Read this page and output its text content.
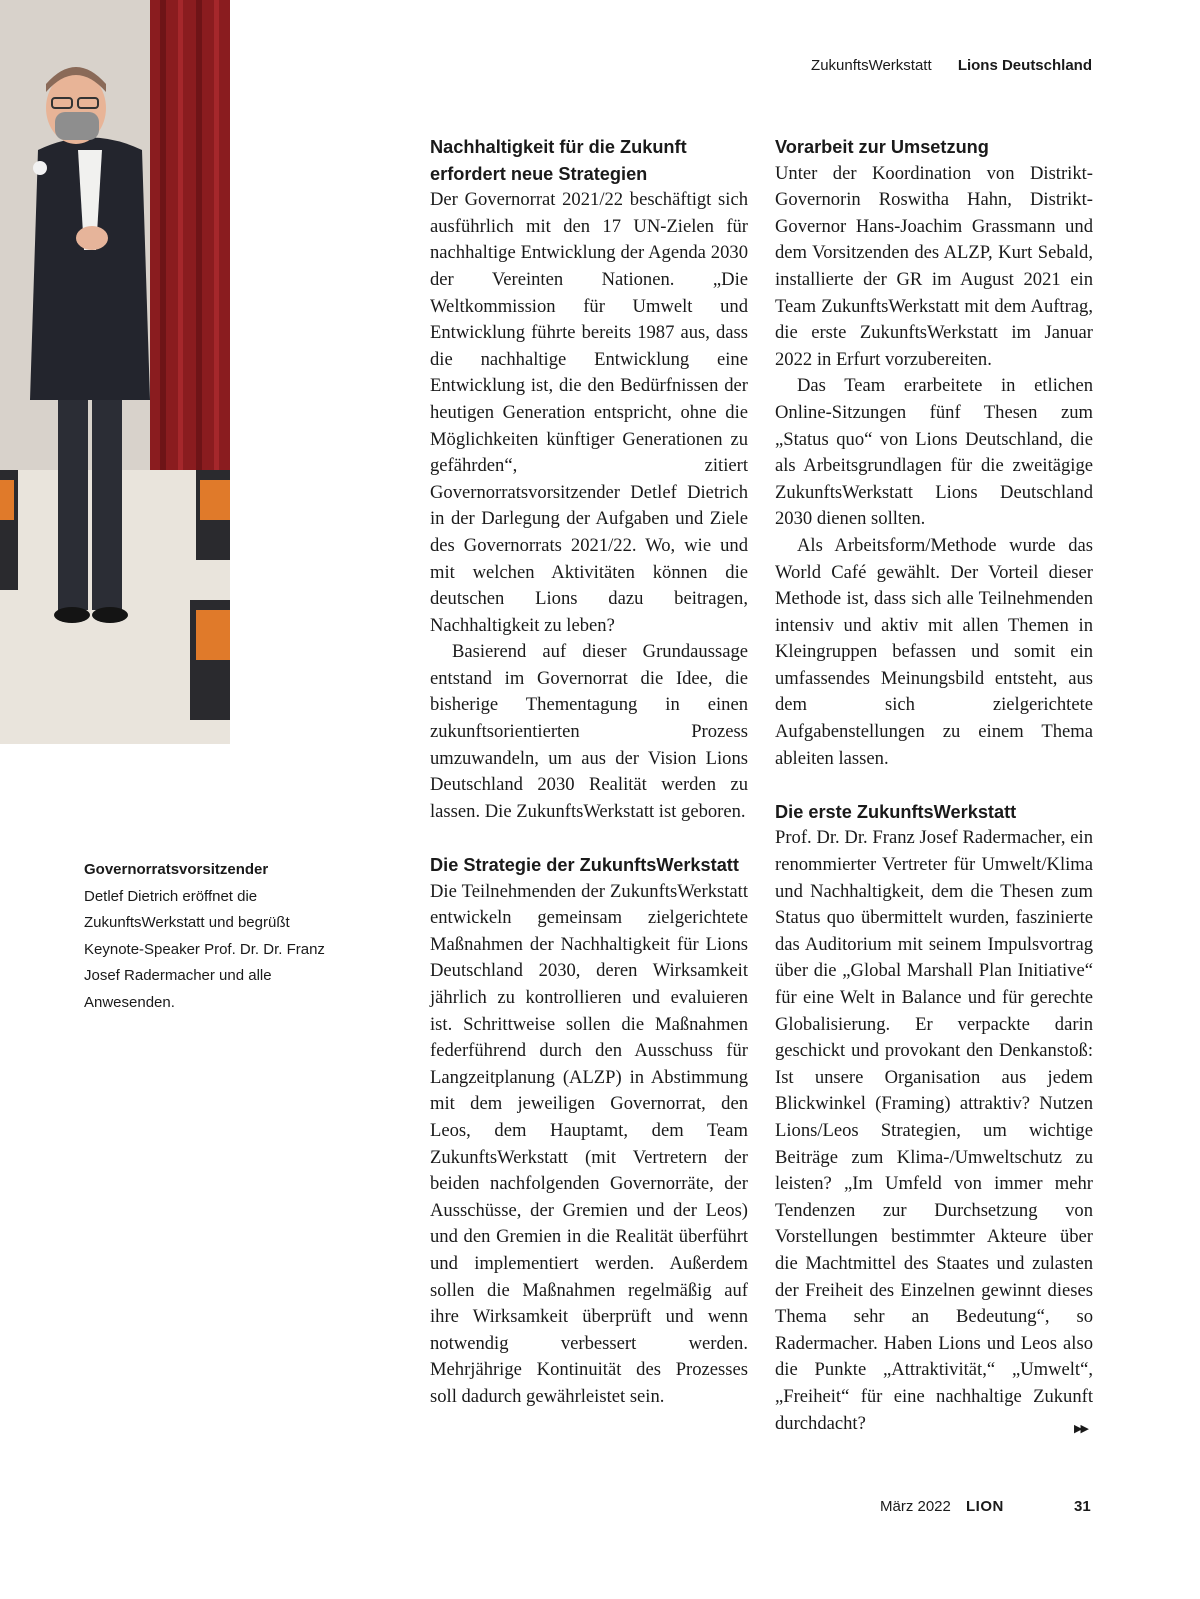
ZukunftsWerkstatt Lions Deutschland
Governorratsvorsitzender
Detlef Dietrich eröffnet die ZukunftsWerkstatt und begrüßt Keynote-Speaker Prof. Dr. Dr. Franz Josef Radermacher und alle Anwesenden.
Nachhaltigkeit für die Zukunft erfordert neue Strategien

Der Governorrat 2021/22 beschäftigt sich ausführlich mit den 17 UN-Zielen für nachhaltige Entwicklung der Agenda 2030 der Vereinten Nationen. „Die Weltkommission für Umwelt und Entwicklung führte bereits 1987 aus, dass die nachhaltige Entwicklung eine Entwicklung ist, die den Bedürfnissen der heutigen Generation entspricht, ohne die Möglichkeiten künftiger Generationen zu gefährden“, zitiert Governorratsvorsitzender Detlef Dietrich in der Darlegung der Aufgaben und Ziele des Governorrats 2021/22. Wo, wie und mit welchen Aktivitäten können die deutschen Lions dazu beitragen, Nachhaltigkeit zu leben?

Basierend auf dieser Grundaussage entstand im Governorrat die Idee, die bisherige Thementagung in einen zukunftsorientierten Prozess umzuwandeln, um aus der Vision Lions Deutschland 2030 Realität werden zu lassen. Die ZukunftsWerkstatt ist geboren.

Die Strategie der ZukunftsWerkstatt

Die Teilnehmenden der ZukunftsWerkstatt entwickeln gemeinsam zielgerichtete Maßnahmen der Nachhaltigkeit für Lions Deutschland 2030, deren Wirksamkeit jährlich zu kontrollieren und evaluieren ist. Schrittweise sollen die Maßnahmen federführend durch den Ausschuss für Langzeitplanung (ALZP) in Abstimmung mit dem jeweiligen Governorrat, den Leos, dem Hauptamt, dem Team ZukunftsWerkstatt (mit Vertretern der beiden nachfolgenden Governorräte, der Ausschüsse, der Gremien und der Leos) und den Gremien in die Realität überführt und implementiert werden. Außerdem sollen die Maßnahmen regelmäßig auf ihre Wirksamkeit überprüft und wenn notwendig verbessert werden. Mehrjährige Kontinuität des Prozesses soll dadurch gewährleistet sein.

Vorarbeit zur Umsetzung

Unter der Koordination von Distrikt-Governorin Roswitha Hahn, Distrikt-Governor Hans-Joachim Grassmann und dem Vorsitzenden des ALZP, Kurt Sebald, installierte der GR im August 2021 ein Team ZukunftsWerkstatt mit dem Auftrag, die erste ZukunftsWerkstatt im Januar 2022 in Erfurt vorzubereiten.

Das Team erarbeitete in etlichen Online-Sitzungen fünf Thesen zum „Status quo“ von Lions Deutschland, die als Arbeitsgrundlagen für die zweitägige ZukunftsWerkstatt Lions Deutschland 2030 dienen sollten.

Als Arbeitsform/Methode wurde das World Café gewählt. Der Vorteil dieser Methode ist, dass sich alle Teilnehmenden intensiv und aktiv mit allen Themen in Kleingruppen befassen und somit ein umfassendes Meinungsbild entsteht, aus dem sich zielgerichtete Aufgabenstellungen zu einem Thema ableiten lassen.

Die erste ZukunftsWerkstatt

Prof. Dr. Dr. Franz Josef Radermacher, ein renommierter Vertreter für Umwelt/Klima und Nachhaltigkeit, dem die Thesen zum Status quo übermittelt wurden, faszinierte das Auditorium mit seinem Impulsvortrag über die „Global Marshall Plan Initiative“ für eine Welt in Balance und für gerechte Globalisierung. Er verpackte darin geschickt und provokant den Denkanstoß: Ist unsere Organisation aus jedem Blickwinkel (Framing) attraktiv? Nutzen Lions/Leos Strategien, um wichtige Beiträge zum Klima-/Umweltschutz zu leisten? „Im Umfeld von immer mehr Tendenzen zur Durchsetzung von Vorstellungen bestimmter Akteure über die Machtmittel des Staates und zulasten der Freiheit des Einzelnen gewinnt dieses Thema sehr an Bedeutung“, so Radermacher. Haben Lions und Leos also die Punkte „Attraktivität,“ „Umwelt“, „Freiheit“ für eine nachhaltige Zukunft durchdacht?	▶▶
März 2022 LION	31
